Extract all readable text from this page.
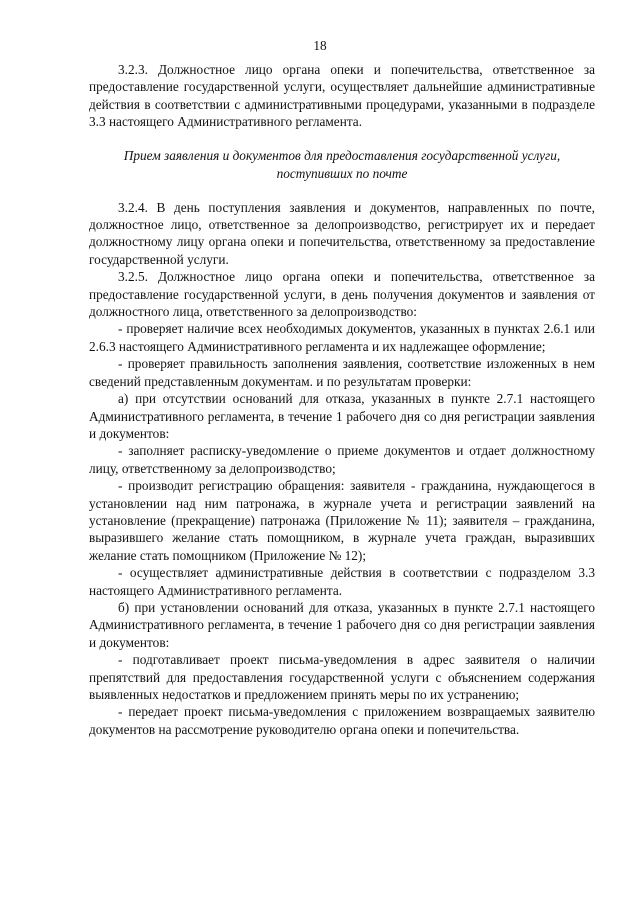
18

3.2.3. Должностное лицо органа опеки и попечительства, ответственное за предоставление государственной услуги, осуществляет дальнейшие административные действия в соответствии с административными процедурами, указанными в подразделе 3.3 настоящего Административного регламента.

Прием заявления и документов для предоставления государственной услуги, поступивших по почте

3.2.4. В день поступления заявления и документов, направленных по почте, должностное лицо, ответственное за делопроизводство, регистрирует их и передает должностному лицу органа опеки и попечительства, ответственному за предоставление государственной услуги.

3.2.5. Должностное лицо органа опеки и попечительства, ответственное за предоставление государственной услуги, в день получения документов и заявления от должностного лица, ответственного за делопроизводство:

- проверяет наличие всех необходимых документов, указанных в пунктах 2.6.1 или 2.6.3 настоящего Административного регламента и их надлежащее оформление;

- проверяет правильность заполнения заявления, соответствие изложенных в нем сведений представленным документам. и по результатам проверки:

а) при отсутствии оснований для отказа, указанных в пункте 2.7.1 настоящего Административного регламента, в течение 1 рабочего дня со дня регистрации заявления и документов:

- заполняет расписку-уведомление о приеме документов и отдает должностному лицу, ответственному за делопроизводство;

- производит регистрацию обращения: заявителя - гражданина, нуждающегося в установлении над ним патронажа, в журнале учета и регистрации заявлений на установление (прекращение) патронажа (Приложение № 11); заявителя – гражданина, выразившего желание стать помощником, в журнале учета граждан, выразивших желание стать помощником (Приложение № 12);

- осуществляет административные действия в соответствии с подразделом 3.3 настоящего Административного регламента.

б) при установлении оснований для отказа, указанных в пункте 2.7.1 настоящего Административного регламента, в течение 1 рабочего дня со дня регистрации заявления и документов:

- подготавливает проект письма-уведомления в адрес заявителя о наличии препятствий для предоставления государственной услуги с объяснением содержания выявленных недостатков и предложением принять меры по их устранению;

- передает проект письма-уведомления с приложением возвращаемых заявителю документов на рассмотрение руководителю органа опеки и попечительства.
